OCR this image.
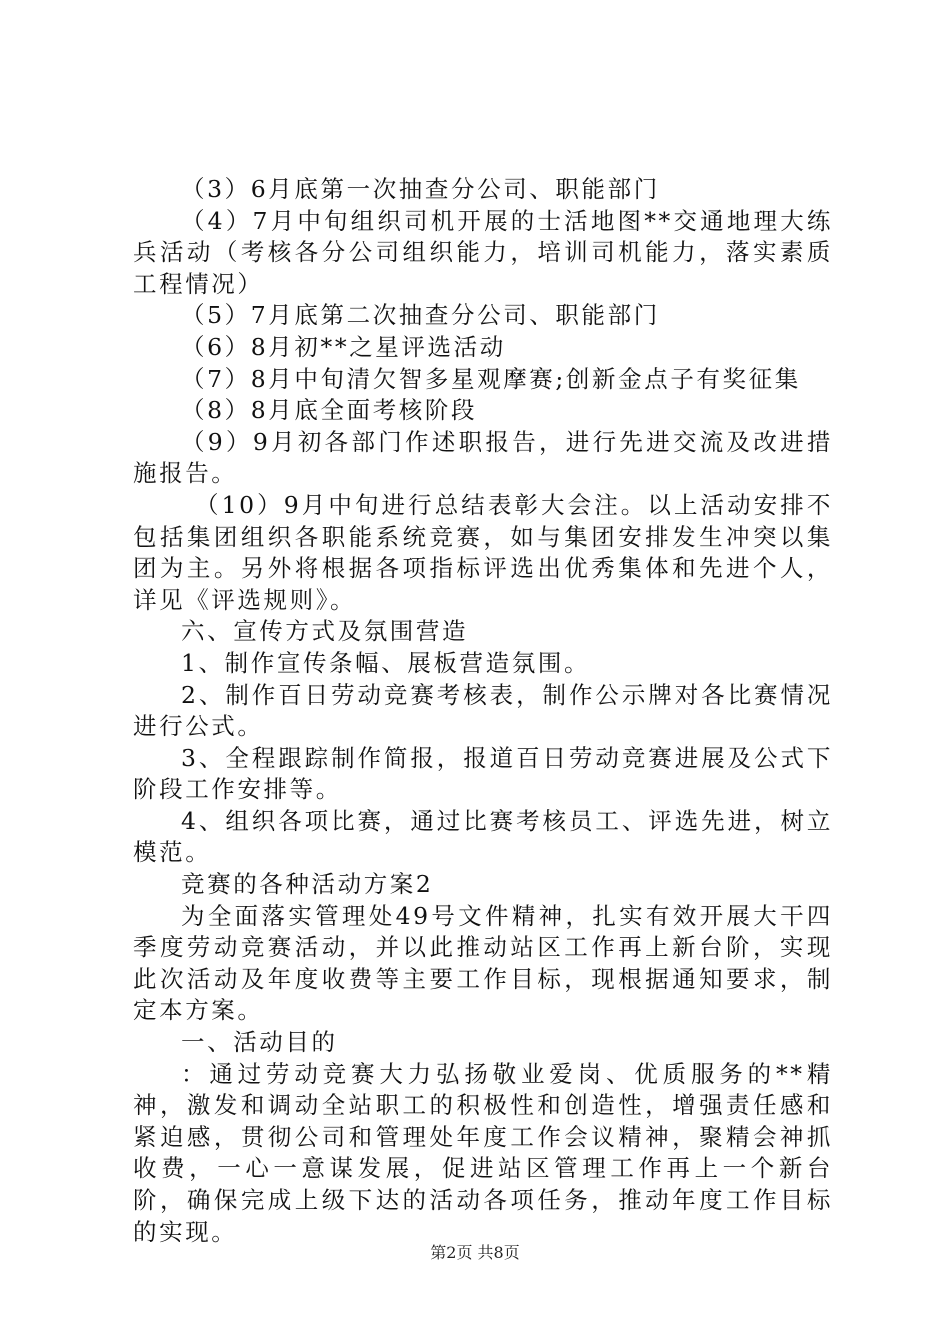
（3）6月底第一次抽查分公司、职能部门

（4）7月中旬组织司机开展的士活地图**交通地理大练兵活动（考核各分公司组织能力，培训司机能力，落实素质工程情况）

（5）7月底第二次抽查分公司、职能部门

（6）8月初**之星评选活动

（7）8月中旬清欠智多星观摩赛;创新金点子有奖征集

（8）8月底全面考核阶段

（9）9月初各部门作述职报告，进行先进交流及改进措施报告。

（10）9月中旬进行总结表彰大会注。以上活动安排不包括集团组织各职能系统竞赛，如与集团安排发生冲突以集团为主。另外将根据各项指标评选出优秀集体和先进个人，详见《评选规则》。

六、宣传方式及氛围营造

1、制作宣传条幅、展板营造氛围。

2、制作百日劳动竞赛考核表，制作公示牌对各比赛情况进行公式。

3、全程跟踪制作简报，报道百日劳动竞赛进展及公式下阶段工作安排等。

4、组织各项比赛，通过比赛考核员工、评选先进，树立模范。

竞赛的各种活动方案2

为全面落实管理处49号文件精神，扎实有效开展大干四季度劳动竞赛活动，并以此推动站区工作再上新台阶，实现此次活动及年度收费等主要工作目标，现根据通知要求，制定本方案。

一、活动目的

：通过劳动竞赛大力弘扬敬业爱岗、优质服务的**精神，激发和调动全站职工的积极性和创造性，增强责任感和紧迫感，贯彻公司和管理处年度工作会议精神，聚精会神抓收费，一心一意谋发展，促进站区管理工作再上一个新台阶，确保完成上级下达的活动各项任务，推动年度工作目标的实现。

第2页 共8页
